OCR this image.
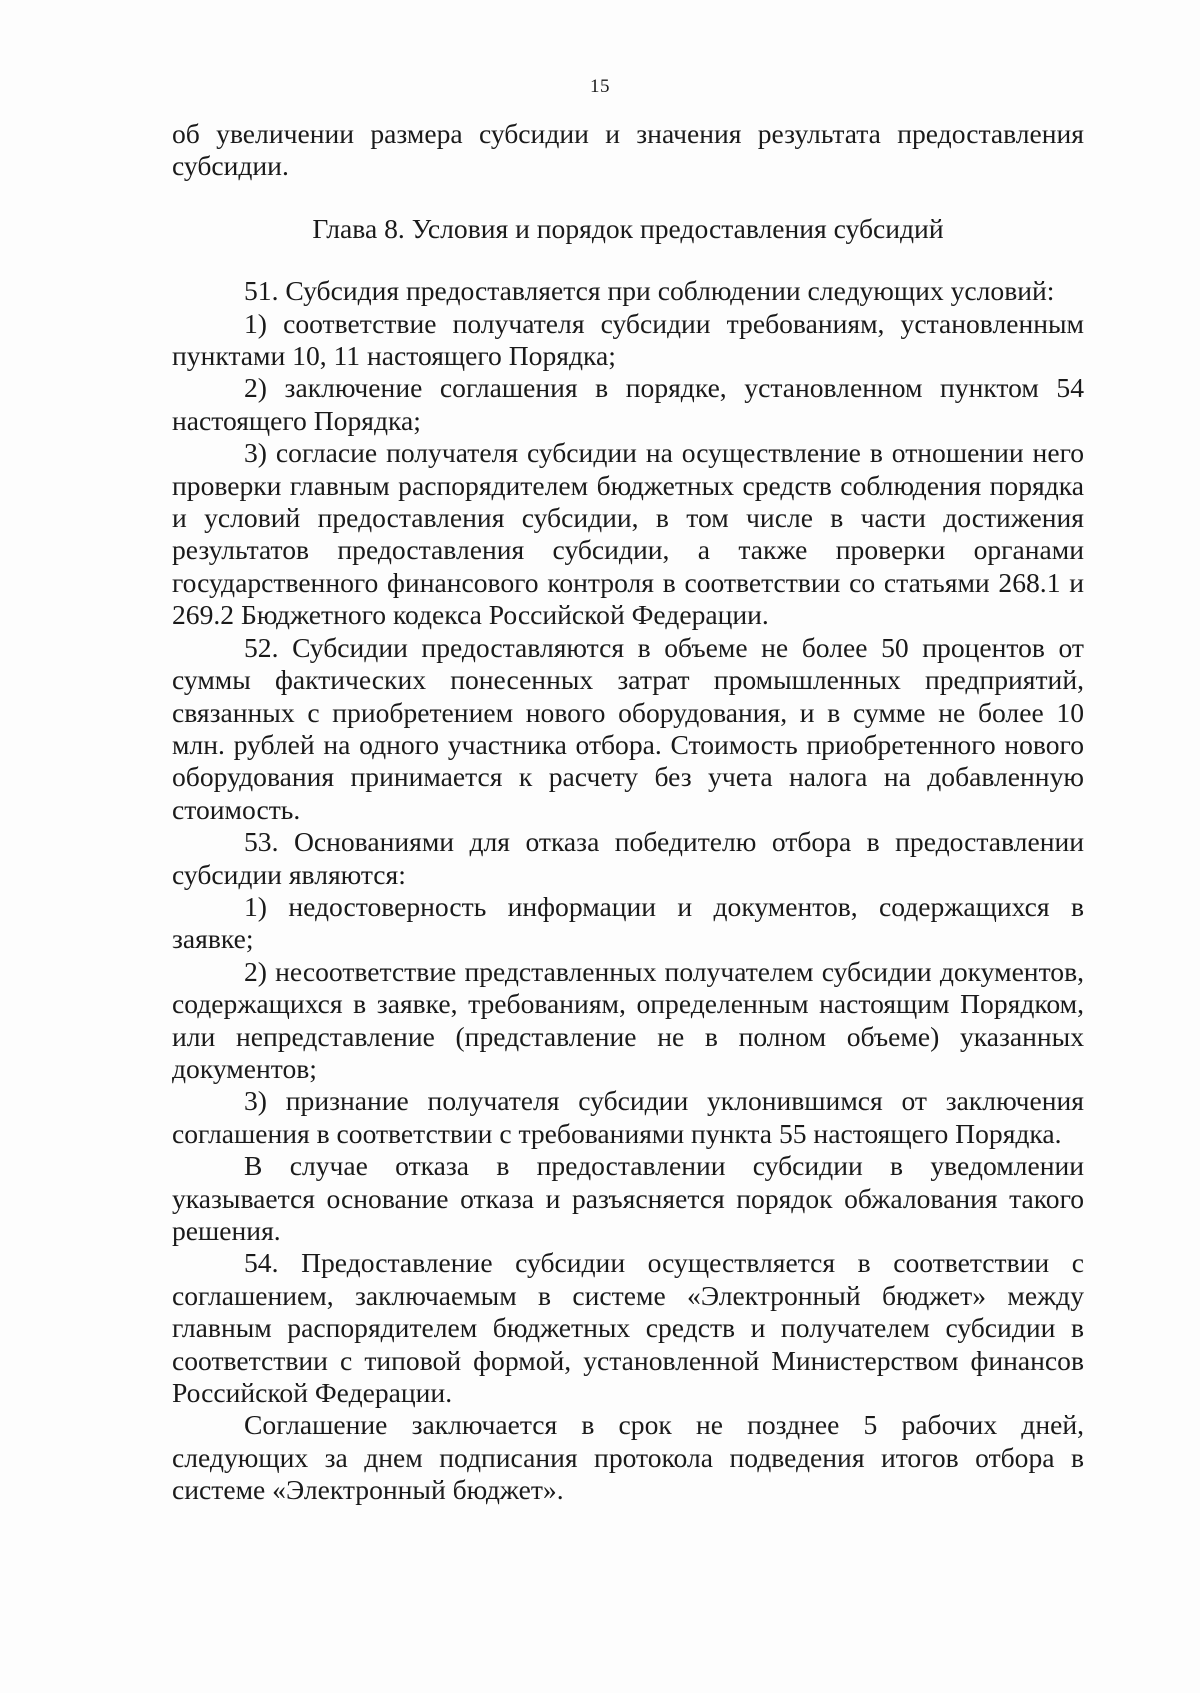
15

об увеличении размера субсидии и значения результата предоставления субсидии.

Глава 8. Условия и порядок предоставления субсидий

51. Субсидия предоставляется при соблюдении следующих условий:

1) соответствие получателя субсидии требованиям, установленным пунктами 10, 11 настоящего Порядка;

2) заключение соглашения в порядке, установленном пунктом 54 настоящего Порядка;

3) согласие получателя субсидии на осуществление в отношении него проверки главным распорядителем бюджетных средств соблюдения порядка и условий предоставления субсидии, в том числе в части достижения результатов предоставления субсидии, а также проверки органами государственного финансового контроля в соответствии со статьями 268.1 и 269.2 Бюджетного кодекса Российской Федерации.

52. Субсидии предоставляются в объеме не более 50 процентов от суммы фактических понесенных затрат промышленных предприятий, связанных с приобретением нового оборудования, и в сумме не более 10 млн. рублей на одного участника отбора. Стоимость приобретенного нового оборудования принимается к расчету без учета налога на добавленную стоимость.

53. Основаниями для отказа победителю отбора в предоставлении субсидии являются:

1) недостоверность информации и документов, содержащихся в заявке;

2) несоответствие представленных получателем субсидии документов, содержащихся в заявке, требованиям, определенным настоящим Порядком, или непредставление (представление не в полном объеме) указанных документов;

3) признание получателя субсидии уклонившимся от заключения соглашения в соответствии с требованиями пункта 55 настоящего Порядка.

В случае отказа в предоставлении субсидии в уведомлении указывается основание отказа и разъясняется порядок обжалования такого решения.

54. Предоставление субсидии осуществляется в соответствии с соглашением, заключаемым в системе «Электронный бюджет» между главным распорядителем бюджетных средств и получателем субсидии в соответствии с типовой формой, установленной Министерством финансов Российской Федерации.

Соглашение заключается в срок не позднее 5 рабочих дней, следующих за днем подписания протокола подведения итогов отбора в системе «Электронный бюджет».
